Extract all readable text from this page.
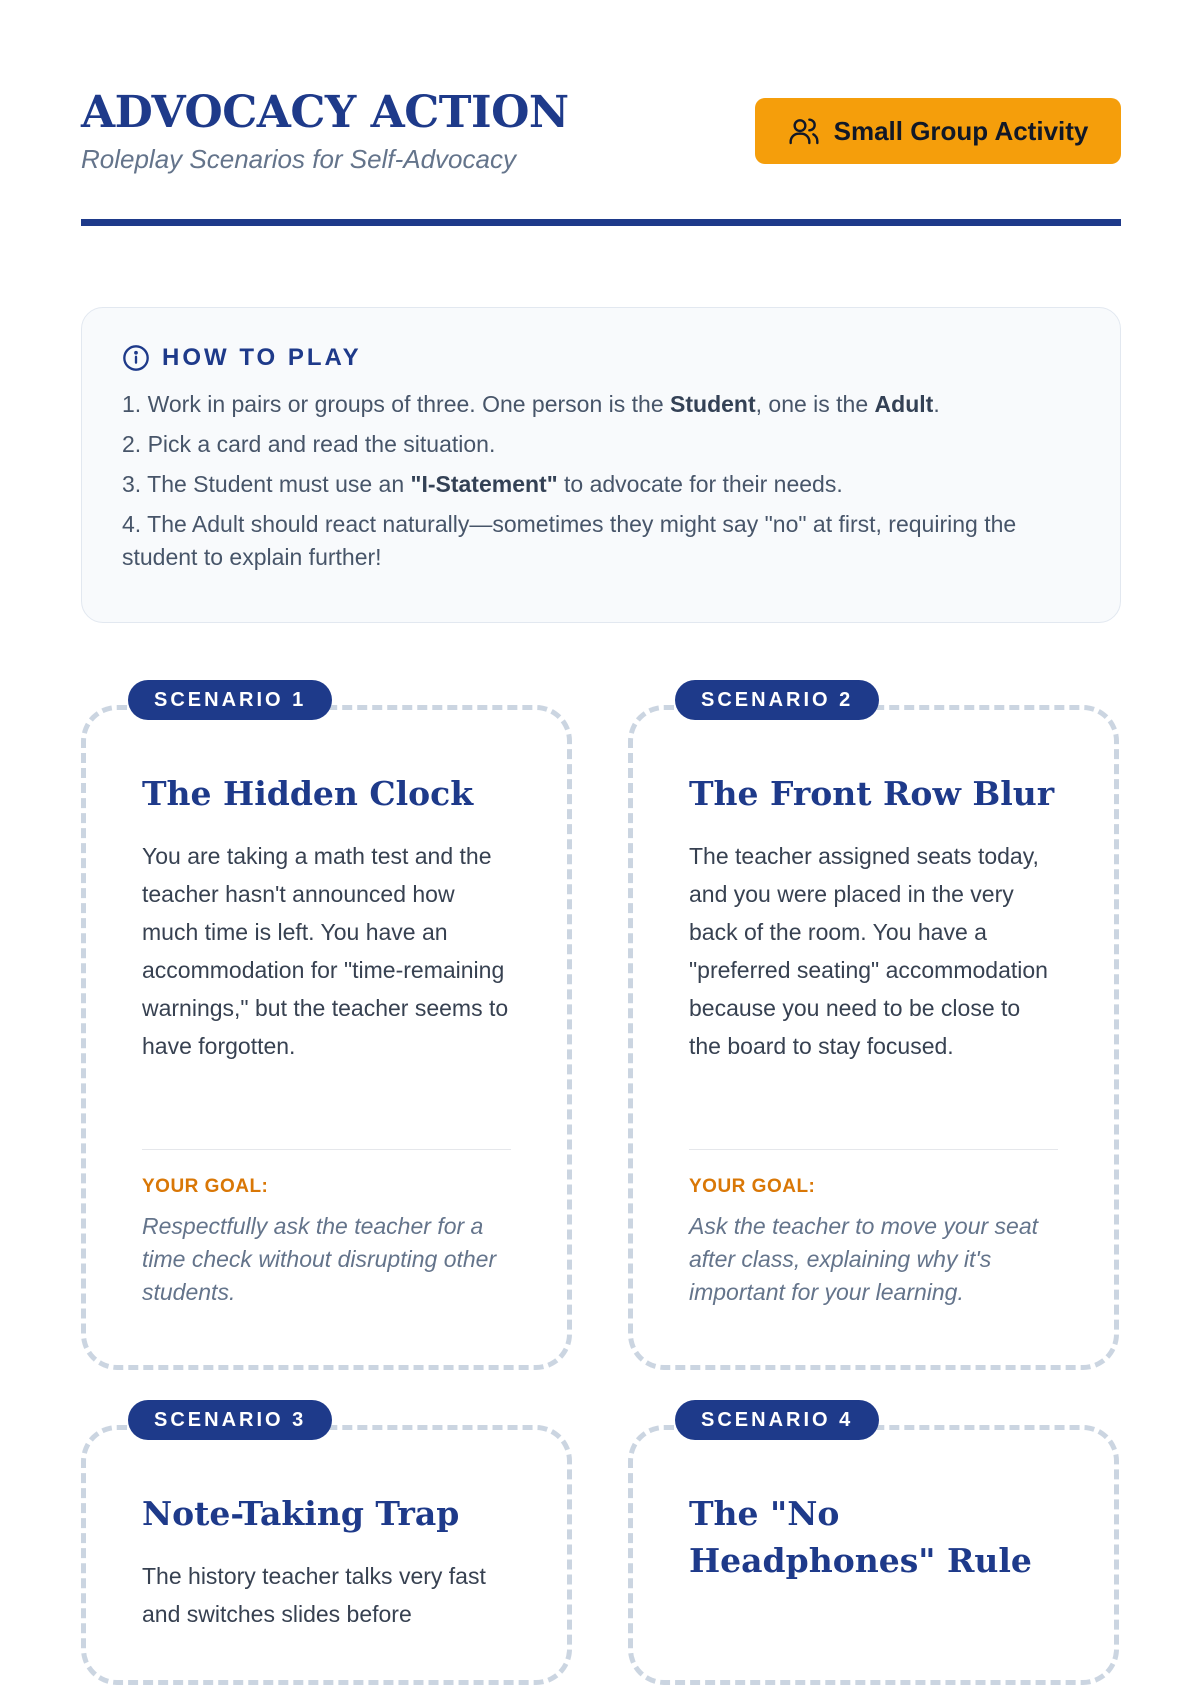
ADVOCACY ACTION
Roleplay Scenarios for Self-Advocacy
Small Group Activity
HOW TO PLAY

1. Work in pairs or groups of three. One person is the Student, one is the Adult.

2. Pick a card and read the situation.

3. The Student must use an "I-Statement" to advocate for their needs.

4. The Adult should react naturally—sometimes they might say "no" at first, requiring the student to explain further!

SCENARIO 1
The Hidden Clock

You are taking a math test and the teacher hasn't announced how much time is left. You have an accommodation for "time-remaining warnings," but the teacher seems to have forgotten.

YOUR GOAL:
Respectfully ask the teacher for a time check without disrupting other students.
SCENARIO 2
The Front Row Blur

The teacher assigned seats today, and you were placed in the very back of the room. You have a "preferred seating" accommodation because you need to be close to the board to stay focused.

YOUR GOAL:
Ask the teacher to move your seat after class, explaining why it's important for your learning.
SCENARIO 3
Note-Taking Trap

The history teacher talks very fast and switches slides before

SCENARIO 4
The "No Headphones" Rule
